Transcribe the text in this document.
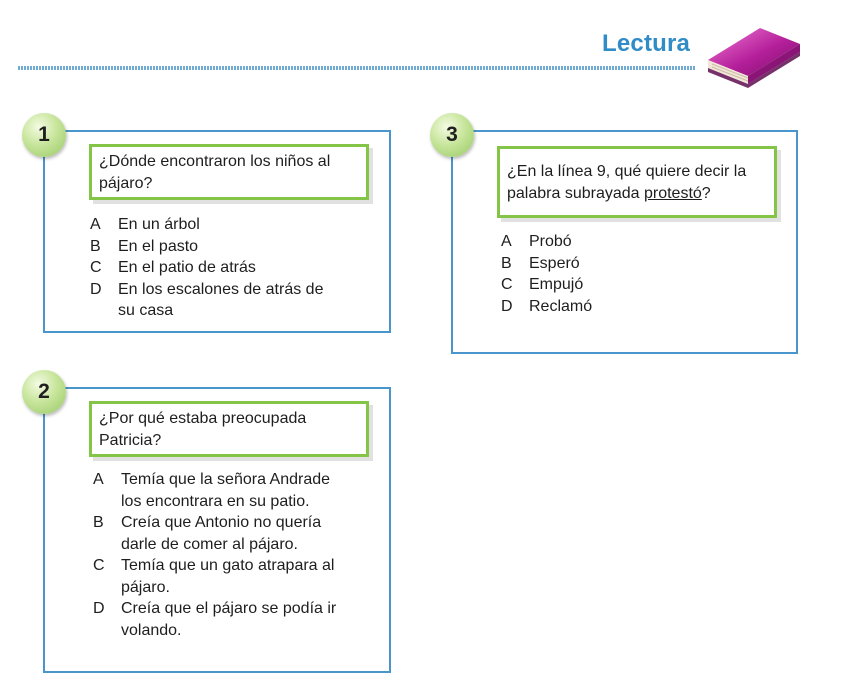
Lectura
1
¿Dónde encontraron los niños al pájaro?
A	En un árbol
B	En el pasto
C	En el patio de atrás
D	En los escalones de atrás de su casa
3
¿En la línea 9, qué quiere decir la palabra subrayada protestó?
A	Probó
B	Esperó
C	Empujó
D	Reclamó
2
¿Por qué estaba preocupada Patricia?
A	Temía que la señora Andrade los encontrara en su patio.
B	Creía que Antonio no quería darle de comer al pájaro.
C	Temía que un gato atrapara al pájaro.
D	Creía que el pájaro se podía ir volando.
